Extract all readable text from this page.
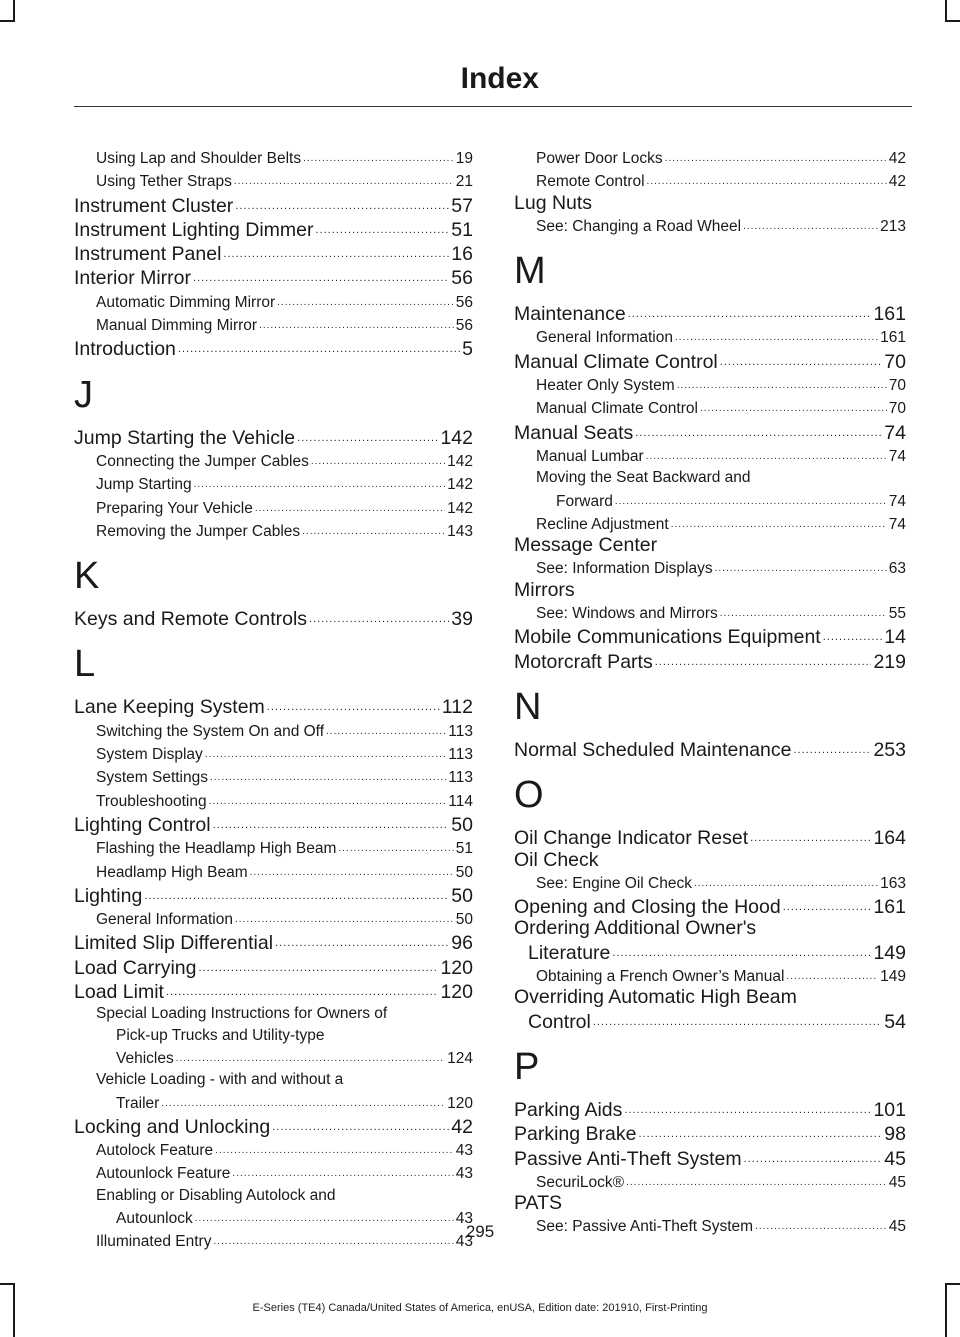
Index
Using Lap and Shoulder Belts .....	19
Using Tether Straps .....	21
Instrument Cluster .....	57
Instrument Lighting Dimmer .....	51
Instrument Panel .....	16
Interior Mirror .....	56
Automatic Dimming Mirror .....	56
Manual Dimming Mirror .....	56
Introduction .....	5
J
Jump Starting the Vehicle .....	142
Connecting the Jumper Cables .....	142
Jump Starting .....	142
Preparing Your Vehicle .....	142
Removing the Jumper Cables .....	143
K
Keys and Remote Controls .....	39
L
Lane Keeping System .....	112
Switching the System On and Off .....	113
System Display .....	113
System Settings .....	113
Troubleshooting .....	114
Lighting Control .....	50
Flashing the Headlamp High Beam .....	51
Headlamp High Beam .....	50
Lighting .....	50
General Information .....	50
Limited Slip Differential .....	96
Load Carrying .....	120
Load Limit .....	120
Special Loading Instructions for Owners of
Pick-up Trucks and Utility-type
Vehicles .....	124
Vehicle Loading - with and without a
Trailer .....	120
Locking and Unlocking .....	42
Autolock Feature .....	43
Autounlock Feature .....	43
Enabling or Disabling Autolock and
Autounlock .....	43
Illuminated Entry .....	43
Power Door Locks .....	42
Remote Control .....	42
Lug Nuts
See: Changing a Road Wheel .....	213
M
Maintenance .....	161
General Information .....	161
Manual Climate Control .....	70
Heater Only System .....	70
Manual Climate Control .....	70
Manual Seats .....	74
Manual Lumbar .....	74
Moving the Seat Backward and
Forward .....	74
Recline Adjustment .....	74
Message Center
See: Information Displays .....	63
Mirrors
See: Windows and Mirrors .....	55
Mobile Communications Equipment .....	14
Motorcraft Parts .....	219
N
Normal Scheduled Maintenance .....	253
O
Oil Change Indicator Reset .....	164
Oil Check
See: Engine Oil Check .....	163
Opening and Closing the Hood .....	161
Ordering Additional Owner's
Literature .....	149
Obtaining a French Owner’s Manual .....	149
Overriding Automatic High Beam
Control .....	54
P
Parking Aids .....	101
Parking Brake .....	98
Passive Anti-Theft System .....	45
SecuriLock® .....	45
PATS
See: Passive Anti-Theft System .....	45
295
E-Series (TE4) Canada/United States of America, enUSA, Edition date: 201910, First-Printing
